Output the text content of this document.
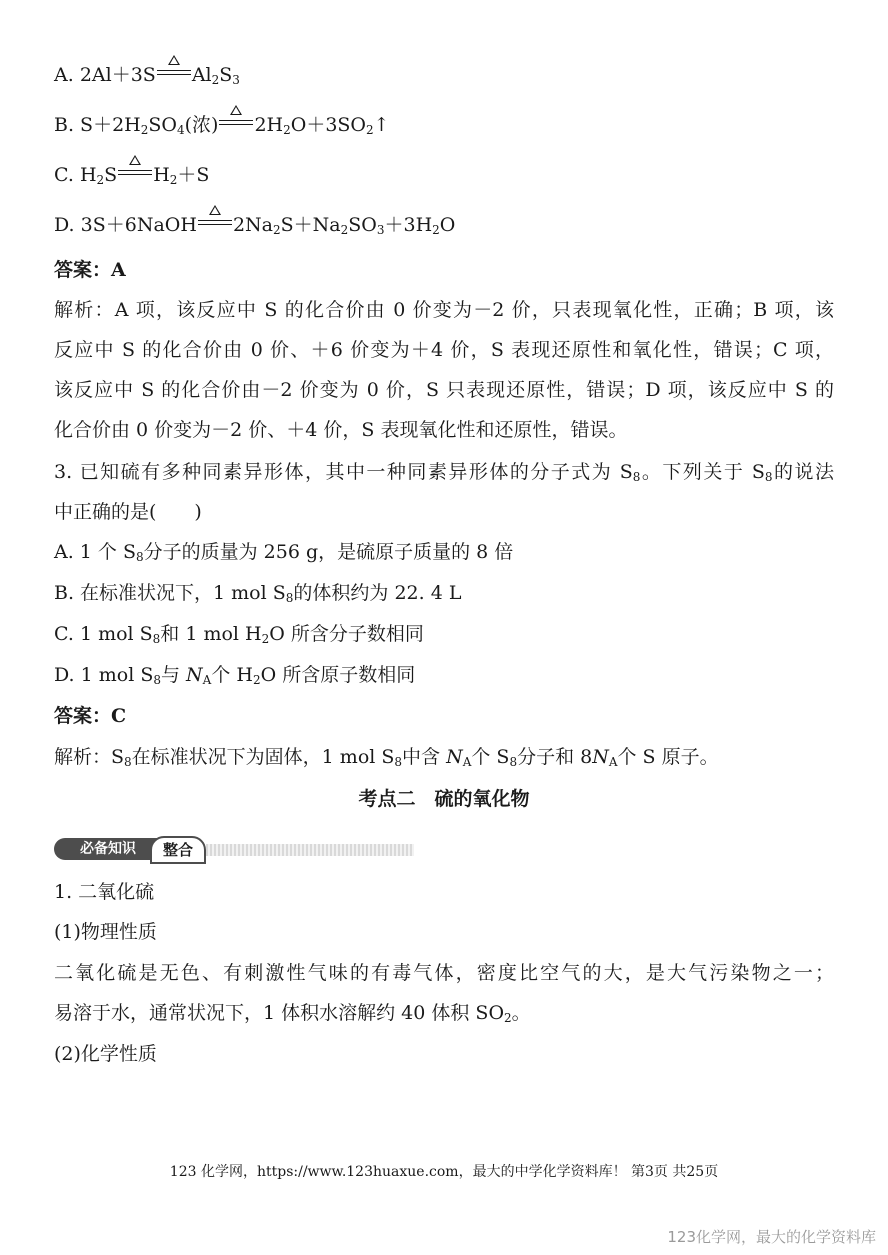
A. 2Al＋3S $Al_2S_3$
B. $S+2H_2SO_4$(浓) $2H_2O+3SO_2↑$
C. $H_2S$ $H_2+S$
D. 3S＋6NaOH $2Na_2S+Na_2SO_3+3H_2O$
答案：A
解析：A 项，该反应中 S 的化合价由 0 价变为－2 价，只表现氧化性，正确；B 项，该
反应中 S 的化合价由 0 价、＋6 价变为＋4 价，S 表现还原性和氧化性，错误；C 项，
该反应中 S 的化合价由－2 价变为 0 价，S 只表现还原性，错误；D 项，该反应中 S 的
化合价由 0 价变为－2 价、＋4 价，S 表现氧化性和还原性，错误。
3. 已知硫有多种同素异形体，其中一种同素异形体的分子式为 $S_8$。下列关于 $S_8$的说法
中正确的是(　　)
A. 1 个 $S_8$分子的质量为 256 g，是硫原子质量的 8 倍
B. 在标准状况下，1 mol $S_8$的体积约为 22. 4 L
C. 1 mol $S_8$和 1 mol $H_2O$ 所含分子数相同
D. 1 mol $S_8$与 $N_A$个 $H_2O$ 所含原子数相同
答案：C
解析：$S_8$在标准状况下为固体，1 mol $S_8$中含 $N_A$个 $S_8$分子和 $8N_A$个 S 原子。
考点二　硫的氧化物
必备知识	整合
1. 二氧化硫
(1)物理性质
二氧化硫是无色、有刺激性气味的有毒气体，密度比空气的大，是大气污染物之一；
易溶于水，通常状况下，1 体积水溶解约 40 体积 $SO_2$。
(2)化学性质
123 化学网，https://www.123huaxue.com，最大的中学化学资料库！ 第3页 共25页
123化学网，最大的化学资料库
